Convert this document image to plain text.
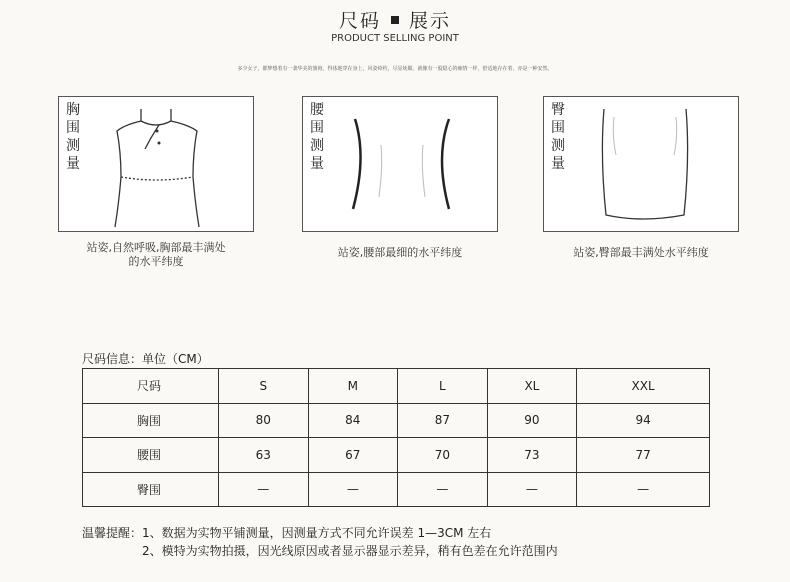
尺码 展示
PRODUCT SELLING POINT
多少女子，都梦想着有一袭华美的旗袍，得体地穿在身上，风姿绰约，尽显妩媚。就像有一股隐心的痴情一样，舒适地存在着，亦是一种安然。
胸
围
测
量
腰
围
测
量
臀
围
测
量
站姿,自然呼吸,胸部最丰满处
的水平纬度
站姿,腰部最细的水平纬度	站姿,臀部最丰满处水平纬度
尺码信息：单位（CM）
尺码	S	M	L	XL	XXL
胸围	80	84	87	90	94
腰围	63	67	70	73	77
臀围	—	—	—	—	—
温馨提醒：1、数据为实物平铺测量，因测量方式不同允许误差 1—3CM 左右
2、模特为实物拍摄，因光线原因或者显示器显示差异，稍有色差在允许范围内
